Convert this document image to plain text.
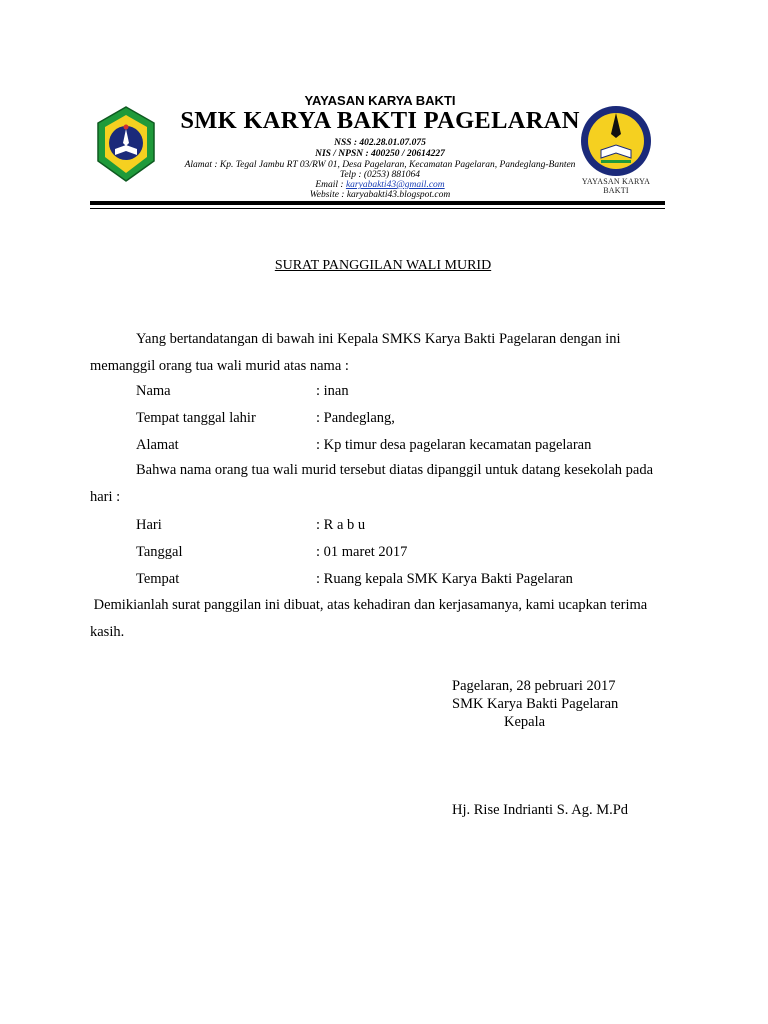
YAYASAN KARYA BAKTI
SMK KARYA BAKTI PAGELARAN
NSS : 402.28.01.07.075
NIS / NPSN : 400250 / 20614227
Alamat : Kp. Tegal Jambu RT 03/RW 01, Desa Pagelaran, Kecamatan Pagelaran, Pandeglang-Banten
Telp : (0253) 881064
Email : karyabakti43@gmail.com
Website : karyabakti43.blogspot.com
YAYASAN KARYA BAKTI
SURAT PANGGILAN WALI MURID
Yang bertandatangan di bawah ini Kepala SMKS Karya Bakti Pagelaran dengan ini
memanggil orang tua wali murid atas nama :
Nama	: inan
Tempat tanggal lahir	: Pandeglang,
Alamat	: Kp timur desa pagelaran kecamatan pagelaran
Bahwa nama orang tua wali murid tersebut diatas dipanggil untuk datang kesekolah pada
hari :
Hari	: R a b u
Tanggal	: 01 maret 2017
Tempat	: Ruang kepala SMK Karya Bakti Pagelaran
Demikianlah surat panggilan ini dibuat, atas kehadiran dan kerjasamanya, kami ucapkan terima
kasih.
Pagelaran, 28 pebruari 2017
SMK Karya Bakti Pagelaran
Kepala
Hj. Rise Indrianti S. Ag. M.Pd
